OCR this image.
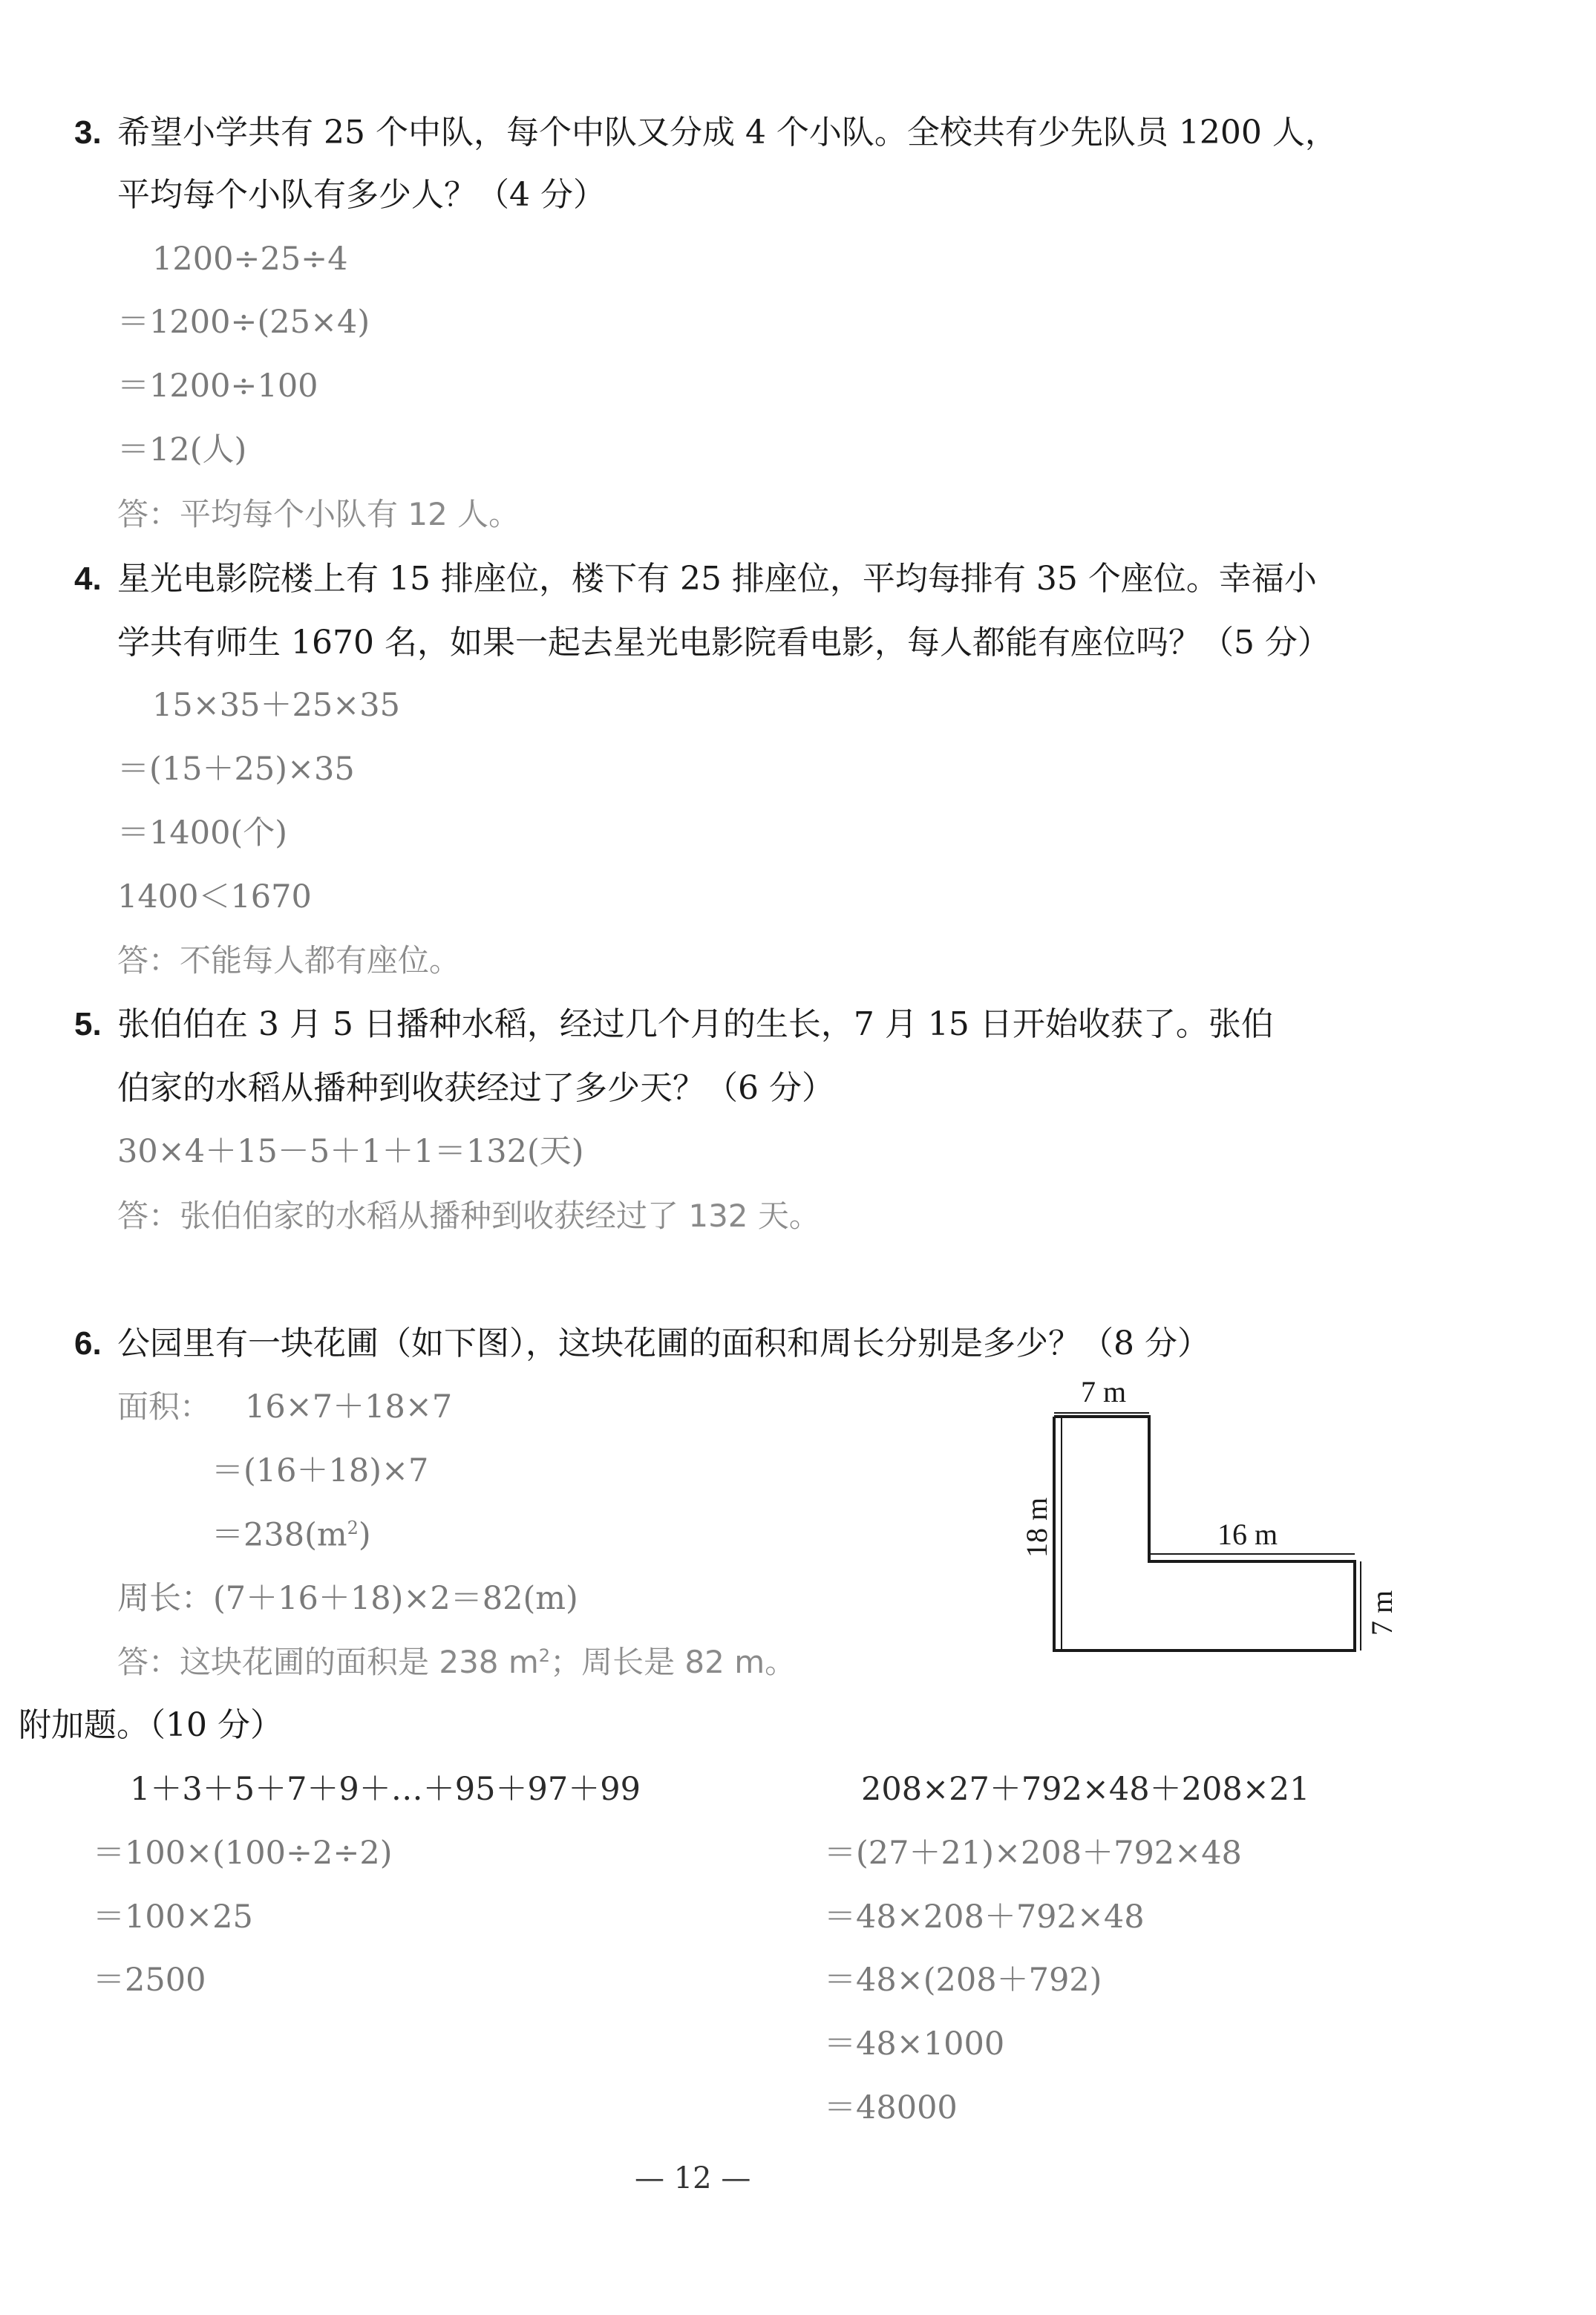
3. 希望小学共有 25 个中队，每个中队又分成 4 个小队。全校共有少先队员 1200 人，
平均每个小队有多少人？（4 分）
1200÷25÷4
＝1200÷(25×4)
＝1200÷100
＝12(人)
答：平均每个小队有 12 人。
4. 星光电影院楼上有 15 排座位，楼下有 25 排座位，平均每排有 35 个座位。幸福小
学共有师生 1670 名，如果一起去星光电影院看电影，每人都能有座位吗？（5 分）
15×35＋25×35
＝(15＋25)×35
＝1400(个)
1400＜1670
答：不能每人都有座位。
5. 张伯伯在 3 月 5 日播种水稻，经过几个月的生长，7 月 15 日开始收获了。张伯
伯家的水稻从播种到收获经过了多少天？（6 分）
30×4＋15－5＋1＋1＝132(天)
答：张伯伯家的水稻从播种到收获经过了 132 天。
6. 公园里有一块花圃（如下图），这块花圃的面积和周长分别是多少？（8 分）
面积： 16×7＋18×7
＝(16＋18)×7
$=238(m^2)$
周长：(7＋16＋18)×2＝82(m)
答：这块花圃的面积是 238 $m^2$；周长是 82 m。
7 m
16 m
18 m
7 m
附加题。（10 分）
1＋3＋5＋7＋9＋…＋95＋97＋99
＝100×(100÷2÷2)
＝100×25
＝2500
208×27＋792×48＋208×21
＝(27＋21)×208＋792×48
＝48×208＋792×48
＝48×(208＋792)
＝48×1000
＝48000
— 12 —
